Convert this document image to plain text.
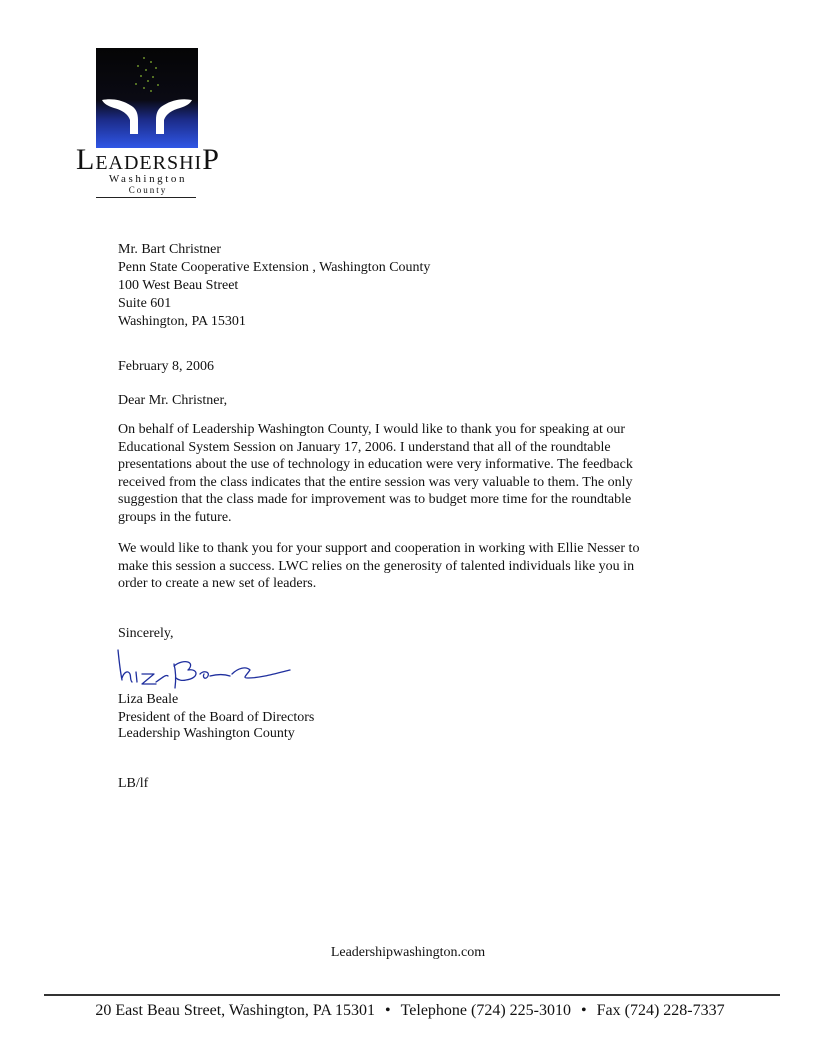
LEADERSHIP
Washington
County
Mr. Bart Christner
Penn State Cooperative Extension , Washington County
100 West Beau Street
Suite 601
Washington, PA 15301
February 8, 2006
Dear Mr. Christner,
On behalf of Leadership Washington County, I would like to thank you for speaking at our
Educational System Session on January 17, 2006. I understand that all of the roundtable
presentations about the use of technology in education were very informative. The feedback
received from the class indicates that the entire session was very valuable to them. The only
suggestion that the class made for improvement was to budget more time for the roundtable
groups in the future.
We would like to thank you for your support and cooperation in working with Ellie Nesser to
make this session a success. LWC relies on the generosity of talented individuals like you in
order to create a new set of leaders.
Sincerely,
Liza Beale
President of the Board of Directors
Leadership Washington County
LB/lf
Leadershipwashington.com
20 East Beau Street, Washington, PA 15301 • Telephone (724) 225-3010 • Fax (724) 228-7337
